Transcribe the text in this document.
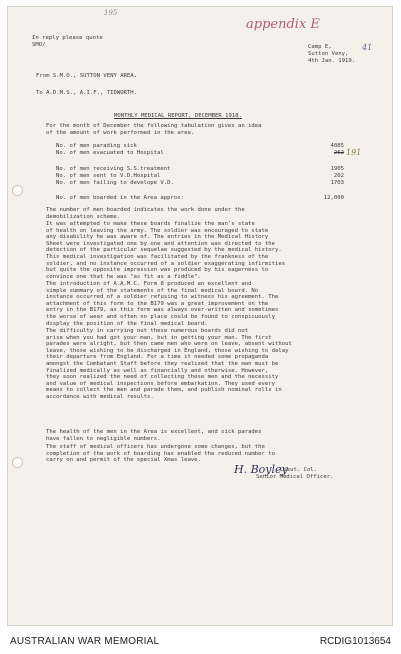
195
appendix E
41
In reply please quote
SMO/	Camp E,
Sutton Veny,
4th Jan. 1919.
From S.M.O., SUTTON VENY AREA,
To A.D.M.S., A.I.F., TIDWORTH.
MONTHLY MEDICAL REPORT, DECEMBER 1918.
For the month of December the following tabulation gives an idea
of the amount of work performed in the area.
No. of men parading sick	4085
No. of men evacuated to Hospital	262 191
No. of men receiving S.S.treatment	1905
No. of men sent to V.D.Hospital	202
No. of men failing to develope V.D.	1703
No. of men boarded in the Area approx:	12,000
The number of men boarded indicates the work done under the
demobilization scheme.
It was attempted to make these boards finalize the man's state
of health on leaving the army. The soldier was encouraged to state
any disability he was aware of. The entries in the Medical History
Sheet were investigated one by one and attention was directed to the
detection of the particular sequelae suggested by the medical history.
This medical investigation was facilitated by the frankness of the
soldier, and no instance occurred of a soldier exaggerating infirmities
but quite the opposite impression was produced by his eagerness to
convince one that he was "as fit as a fiddle".
The introduction of A.A.M.C. Form 8 produced an excellent and
simple summary of the statements of the final medical board. No
instance occurred of a soldier refusing to witness his agreement. The
attachment of this form to the B179 was a great improvement on the
entry in the B179, as this form was always over-written and sometimes
the worse of wear and often no place could be found to conspicuously
display the position of the final medical board.
The difficulty in carrying out these numerous boards did not
arise when you had got your man, but in getting your man. The first
parades were alright, but then came men who were on leave, absent without
leave, those wishing to be discharged in England, those wishing to delay
their departure from England. For a time it needed some propaganda
amongst the Combatant Staff before they realized that the man must be
finalized medically as well as financially and otherwise. However,
they soon realized the need of collecting these men and the necessity
and value of medical inspections before embarkation. They used every
means to collect the men and parade them, and publish nominal rolls in
accordance with medical results.
The health of the men in the Area is excellent, and sick parades
have fallen to negligible numbers.
The staff of medical officers has undergone some changes, but the
completion of the work of boarding has enabled the reduced number to
carry on and permit of the special Xmas leave.
H. Boyley
Lieut. Col.
Senior Medical Officer.
AUSTRALIAN WAR MEMORIAL	RCDIG1013654
